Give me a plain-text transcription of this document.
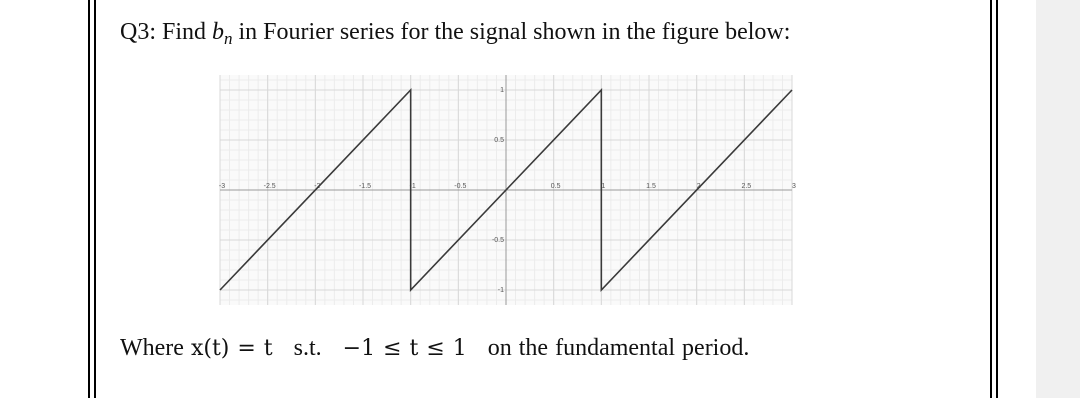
Q3: Find $b_n$ in Fourier series for the signal shown in the figure below:
-3	-2.5	-2	-1.5	-1	-0.5	0.5	1	1.5	2	2.5	3
1
0.5
-0.5
-1
Where x(t) = t s.t. −1 ≤ t ≤ 1 on the fundamental period.
